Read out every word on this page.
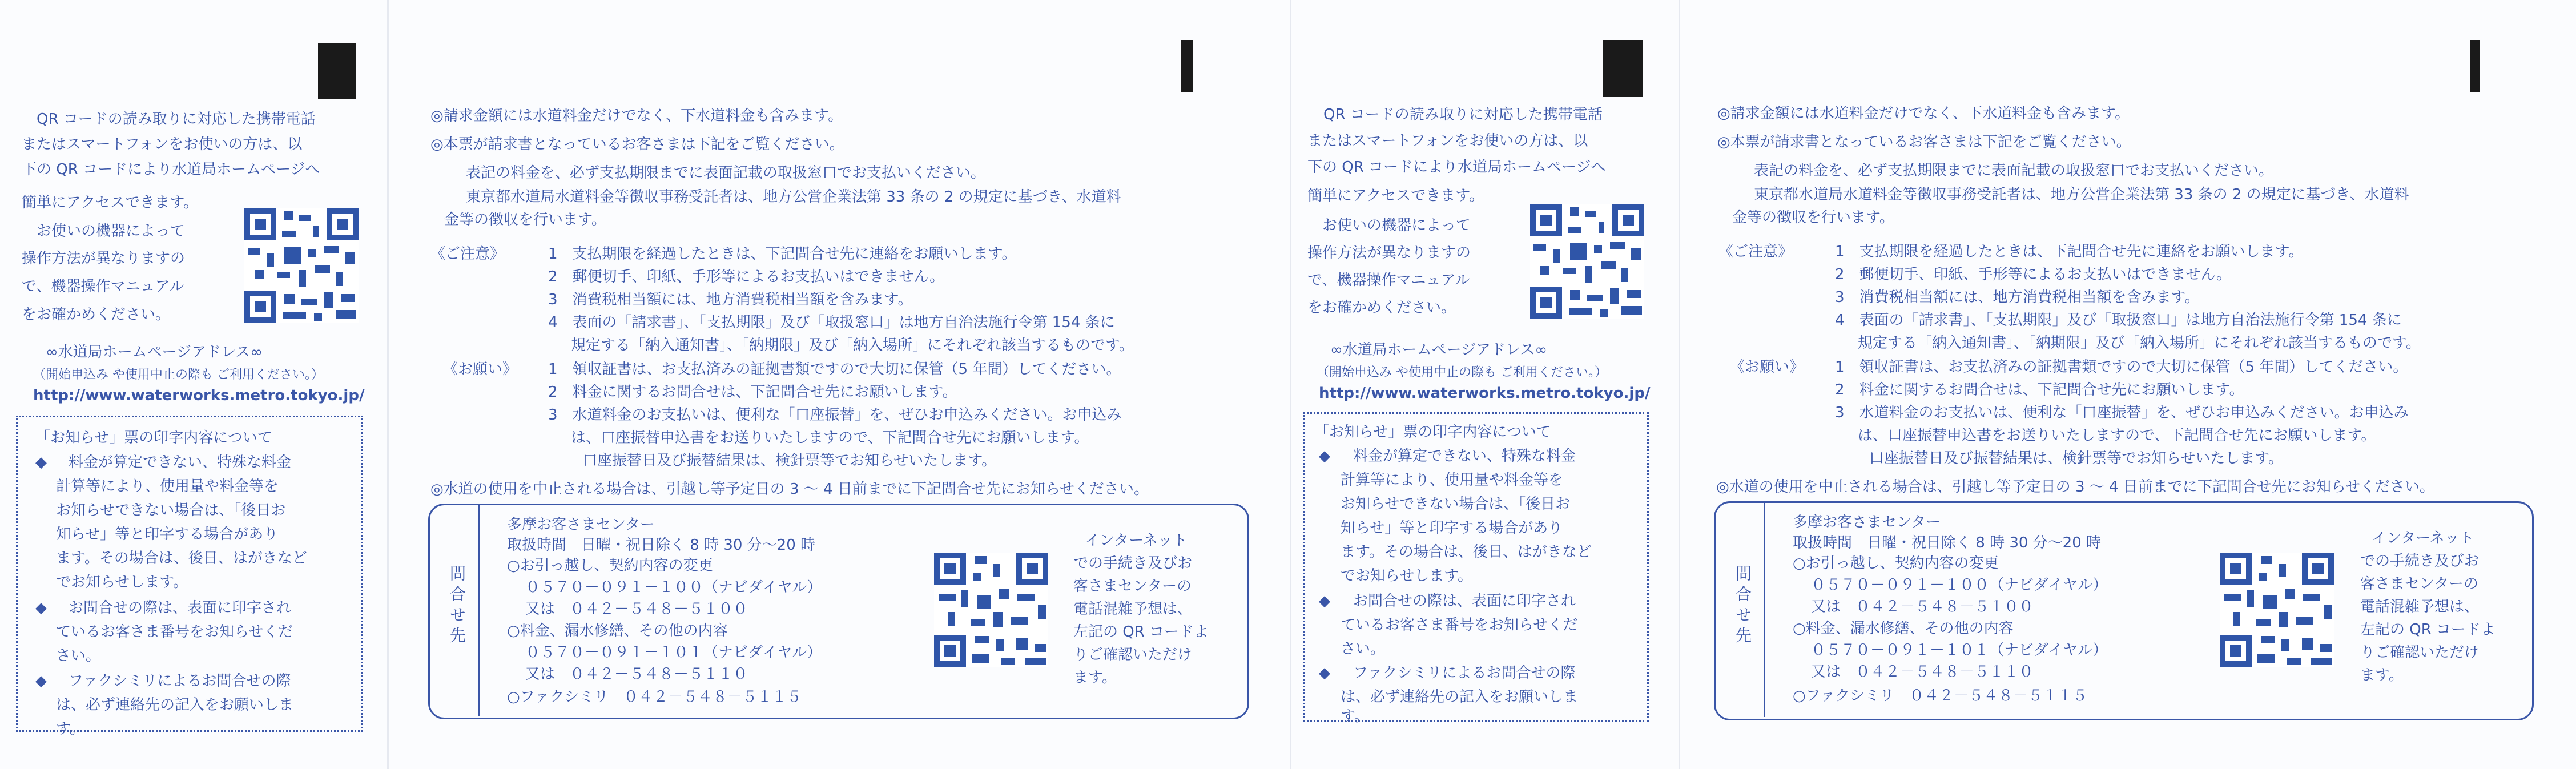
QR コードの読み取りに対応した携帯電話
またはスマートフォンをお使いの方は、以
下の QR コードにより水道局ホームページへ
簡単にアクセスできます。
お使いの機器によって
操作方法が異なりますの
で、機器操作マニュアル
をお確かめください。
∞水道局ホームページアドレス∞
（開始申込み や使用中止の際も ご利用ください。）
http://www.waterworks.metro.tokyo.jp/
「お知らせ」票の印字内容について
◆ 料金が算定できない、特殊な料金
計算等により、使用量や料金等を
お知らせできない場合は、「後日お
知らせ」等と印字する場合があり
ます。その場合は、後日、はがきなど
でお知らせします。
◆ お問合せの際は、表面に印字され
ているお客さま番号をお知らせくだ
さい。
◆ ファクシミリによるお問合せの際
は、必ず連絡先の記入をお願いしま
す。
◎請求金額には水道料金だけでなく、下水道料金も含みます。
◎本票が請求書となっているお客さまは下記をご覧ください。
表記の料金を、必ず支払期限までに表面記載の取扱窓口でお支払いください。
東京都水道局水道料金等徴収事務受託者は、地方公営企業法第 33 条の 2 の規定に基づき、水道料
金等の徴収を行います。
《ご注意》	1　支払期限を経過したときは、下記問合せ先に連絡をお願いします。
2　郵便切手、印紙、手形等によるお支払いはできません。
3　消費税相当額には、地方消費税相当額を含みます。
4　表面の「請求書」、「支払期限」及び「取扱窓口」は地方自治法施行令第 154 条に
規定する「納入通知書」、「納期限」及び「納入場所」にそれぞれ該当するものです。
《お願い》 1　領収証書は、お支払済みの証拠書類ですので大切に保管（5 年間）してください。
2　料金に関するお問合せは、下記問合せ先にお願いします。
3　水道料金のお支払いは、便利な「口座振替」を、ぜひお申込みください。お申込み
は、口座振替申込書をお送りいたしますので、下記問合せ先にお願いします。
口座振替日及び振替結果は、検針票等でお知らせいたします。
◎水道の使用を中止される場合は、引越し等予定日の 3 ～ 4 日前までに下記問合せ先にお知らせください。
問合せ先
多摩お客さまセンター
取扱時間　日曜・祝日除く 8 時 30 分～20 時
○お引っ越し、契約内容の変更
０５７０－０９１－１００（ナビダイヤル）
又は　０４２－５４８－５１００
○料金、漏水修繕、その他の内容
０５７０－０９１－１０１（ナビダイヤル）
又は　０４２－５４８－５１１０
○ファクシミリ　０４２－５４８－５１１５
インターネット
での手続き及びお
客さまセンターの
電話混雑予想は、
左記の QR コードよ
りご確認いただけ
ます。
QR コードの読み取りに対応した携帯電話
またはスマートフォンをお使いの方は、以
下の QR コードにより水道局ホームページへ
簡単にアクセスできます。
お使いの機器によって
操作方法が異なりますの
で、機器操作マニュアル
をお確かめください。
∞水道局ホームページアドレス∞
（開始申込み や使用中止の際も ご利用ください。）
http://www.waterworks.metro.tokyo.jp/
「お知らせ」票の印字内容について
◆ 料金が算定できない、特殊な料金
計算等により、使用量や料金等を
お知らせできない場合は、「後日お
知らせ」等と印字する場合があり
ます。その場合は、後日、はがきなど
でお知らせします。
◆ お問合せの際は、表面に印字され
ているお客さま番号をお知らせくだ
さい。
◆ ファクシミリによるお問合せの際
は、必ず連絡先の記入をお願いしま
す。
◎請求金額には水道料金だけでなく、下水道料金も含みます。
◎本票が請求書となっているお客さまは下記をご覧ください。
表記の料金を、必ず支払期限までに表面記載の取扱窓口でお支払いください。
東京都水道局水道料金等徴収事務受託者は、地方公営企業法第 33 条の 2 の規定に基づき、水道料
金等の徴収を行います。
《ご注意》	1　支払期限を経過したときは、下記問合せ先に連絡をお願いします。
2　郵便切手、印紙、手形等によるお支払いはできません。
3　消費税相当額には、地方消費税相当額を含みます。
4　表面の「請求書」、「支払期限」及び「取扱窓口」は地方自治法施行令第 154 条に
規定する「納入通知書」、「納期限」及び「納入場所」にそれぞれ該当するものです。
《お願い》 1　領収証書は、お支払済みの証拠書類ですので大切に保管（5 年間）してください。
2　料金に関するお問合せは、下記問合せ先にお願いします。
3　水道料金のお支払いは、便利な「口座振替」を、ぜひお申込みください。お申込み
は、口座振替申込書をお送りいたしますので、下記問合せ先にお願いします。
口座振替日及び振替結果は、検針票等でお知らせいたします。
◎水道の使用を中止される場合は、引越し等予定日の 3 ～ 4 日前までに下記問合せ先にお知らせください。
問合せ先
多摩お客さまセンター
取扱時間　日曜・祝日除く 8 時 30 分～20 時
○お引っ越し、契約内容の変更
０５７０－０９１－１００（ナビダイヤル）
又は　０４２－５４８－５１００
○料金、漏水修繕、その他の内容
０５７０－０９１－１０１（ナビダイヤル）
又は　０４２－５４８－５１１０
○ファクシミリ　０４２－５４８－５１１５
インターネット
での手続き及びお
客さまセンターの
電話混雑予想は、
左記の QR コードよ
りご確認いただけ
ます。
